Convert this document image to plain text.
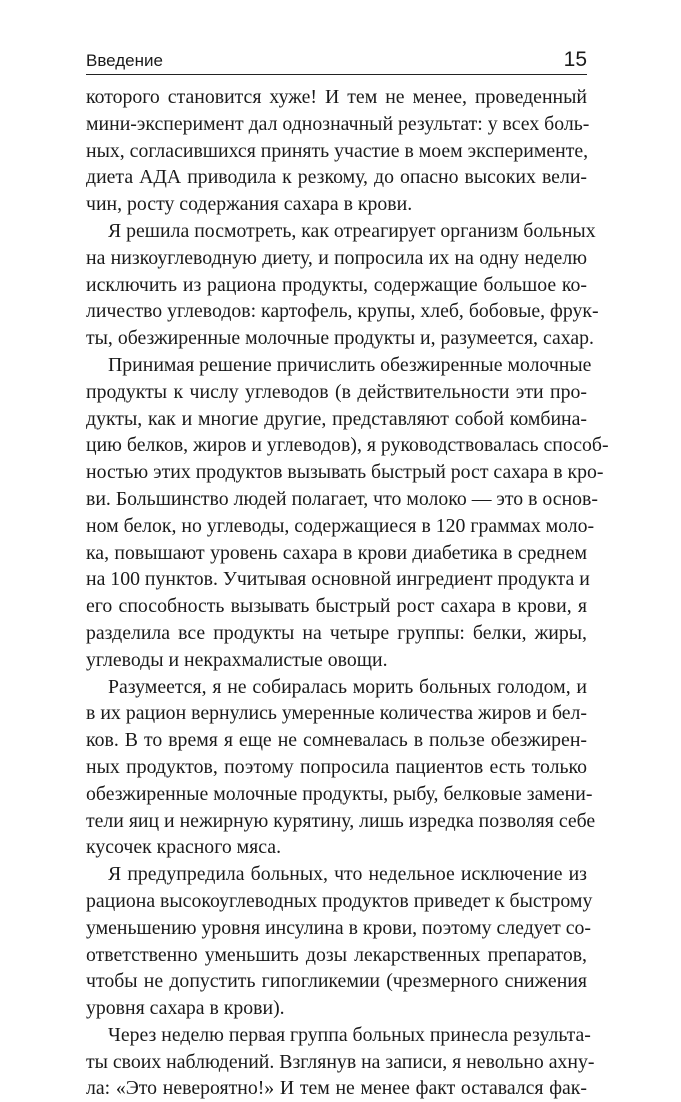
Введение	15
которого становится хуже! И тем не менее, проведенный
мини-эксперимент дал однозначный результат: у всех боль-
ных, согласившихся принять участие в моем эксперименте,
диета АДА приводила к резкому, до опасно высоких вели-
чин, росту содержания сахара в крови.
Я решила посмотреть, как отреагирует организм больных
на низкоуглеводную диету, и попросила их на одну неделю
исключить из рациона продукты, содержащие большое ко-
личество углеводов: картофель, крупы, хлеб, бобовые, фрук-
ты, обезжиренные молочные продукты и, разумеется, сахар.
Принимая решение причислить обезжиренные молочные
продукты к числу углеводов (в действительности эти про-
дукты, как и многие другие, представляют собой комбина-
цию белков, жиров и углеводов), я руководствовалась способ-
ностью этих продуктов вызывать быстрый рост сахара в кро-
ви. Большинство людей полагает, что молоко — это в основ-
ном белок, но углеводы, содержащиеся в 120 граммах моло-
ка, повышают уровень сахара в крови диабетика в среднем
на 100 пунктов. Учитывая основной ингредиент продукта и
его способность вызывать быстрый рост сахара в крови, я
разделила все продукты на четыре группы: белки, жиры,
углеводы и некрахмалистые овощи.
Разумеется, я не собиралась морить больных голодом, и
в их рацион вернулись умеренные количества жиров и бел-
ков. В то время я еще не сомневалась в пользе обезжирен-
ных продуктов, поэтому попросила пациентов есть только
обезжиренные молочные продукты, рыбу, белковые замени-
тели яиц и нежирную курятину, лишь изредка позволяя себе
кусочек красного мяса.
Я предупредила больных, что недельное исключение из
рациона высокоуглеводных продуктов приведет к быстрому
уменьшению уровня инсулина в крови, поэтому следует со-
ответственно уменьшить дозы лекарственных препаратов,
чтобы не допустить гипогликемии (чрезмерного снижения
уровня сахара в крови).
Через неделю первая группа больных принесла результа-
ты своих наблюдений. Взглянув на записи, я невольно ахну-
ла: «Это невероятно!» И тем не менее факт оставался фак-
